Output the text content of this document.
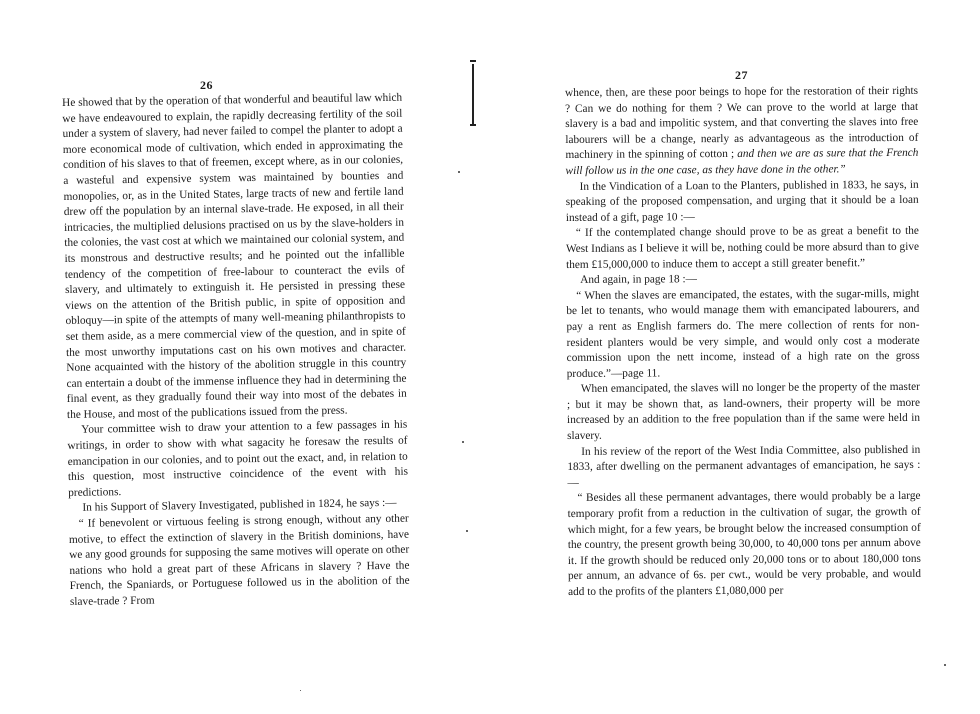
26

He showed that by the operation of that wonderful and beautiful law which we have endeavoured to explain, the rapidly decreasing fertility of the soil under a system of slavery, had never failed to compel the planter to adopt a more economical mode of cultivation, which ended in approximating the condition of his slaves to that of freemen, except where, as in our colonies, a wasteful and expensive system was maintained by bounties and monopolies, or, as in the United States, large tracts of new and fertile land drew off the population by an internal slave-trade. He exposed, in all their intricacies, the multiplied delusions practised on us by the slave-holders in the colonies, the vast cost at which we maintained our colonial system, and its monstrous and destructive results; and he pointed out the infallible tendency of the competition of free-labour to counteract the evils of slavery, and ultimately to extinguish it. He persisted in pressing these views on the attention of the British public, in spite of opposition and obloquy—in spite of the attempts of many well-meaning philanthropists to set them aside, as a mere commercial view of the question, and in spite of the most unworthy imputations cast on his own motives and character. None acquainted with the history of the abolition struggle in this country can entertain a doubt of the immense influence they had in determining the final event, as they gradually found their way into most of the debates in the House, and most of the publications issued from the press.

Your committee wish to draw your attention to a few passages in his writings, in order to show with what sagacity he foresaw the results of emancipation in our colonies, and to point out the exact, and, in relation to this question, most instructive coincidence of the event with his predictions.

In his Support of Slavery Investigated, published in 1824, he says :—

“ If benevolent or virtuous feeling is strong enough, without any other motive, to effect the extinction of slavery in the British dominions, have we any good grounds for supposing the same motives will operate on other nations who hold a great part of these Africans in slavery ? Have the French, the Spaniards, or Portuguese followed us in the abolition of the slave-trade ? From

27

whence, then, are these poor beings to hope for the restoration of their rights ? Can we do nothing for them ? We can prove to the world at large that slavery is a bad and impolitic system, and that converting the slaves into free labourers will be a change, nearly as advantageous as the introduction of machinery in the spinning of cotton ; and then we are as sure that the French will follow us in the one case, as they have done in the other.”

In the Vindication of a Loan to the Planters, published in 1833, he says, in speaking of the proposed compensation, and urging that it should be a loan instead of a gift, page 10 :—

“ If the contemplated change should prove to be as great a benefit to the West Indians as I believe it will be, nothing could be more absurd than to give them £15,000,000 to induce them to accept a still greater benefit.”

And again, in page 18 :—

“ When the slaves are emancipated, the estates, with the sugar-mills, might be let to tenants, who would manage them with emancipated labourers, and pay a rent as English farmers do. The mere collection of rents for non-resident planters would be very simple, and would only cost a moderate commission upon the nett income, instead of a high rate on the gross produce.”—page 11.

When emancipated, the slaves will no longer be the property of the master ; but it may be shown that, as land-owners, their property will be more increased by an addition to the free population than if the same were held in slavery.

In his review of the report of the West India Committee, also published in 1833, after dwelling on the permanent advantages of emancipation, he says :—

“ Besides all these permanent advantages, there would probably be a large temporary profit from a reduction in the cultivation of sugar, the growth of which might, for a few years, be brought below the increased consumption of the country, the present growth being 30,000, to 40,000 tons per annum above it. If the growth should be reduced only 20,000 tons or to about 180,000 tons per annum, an advance of 6s. per cwt., would be very probable, and would add to the profits of the planters £1,080,000 per
